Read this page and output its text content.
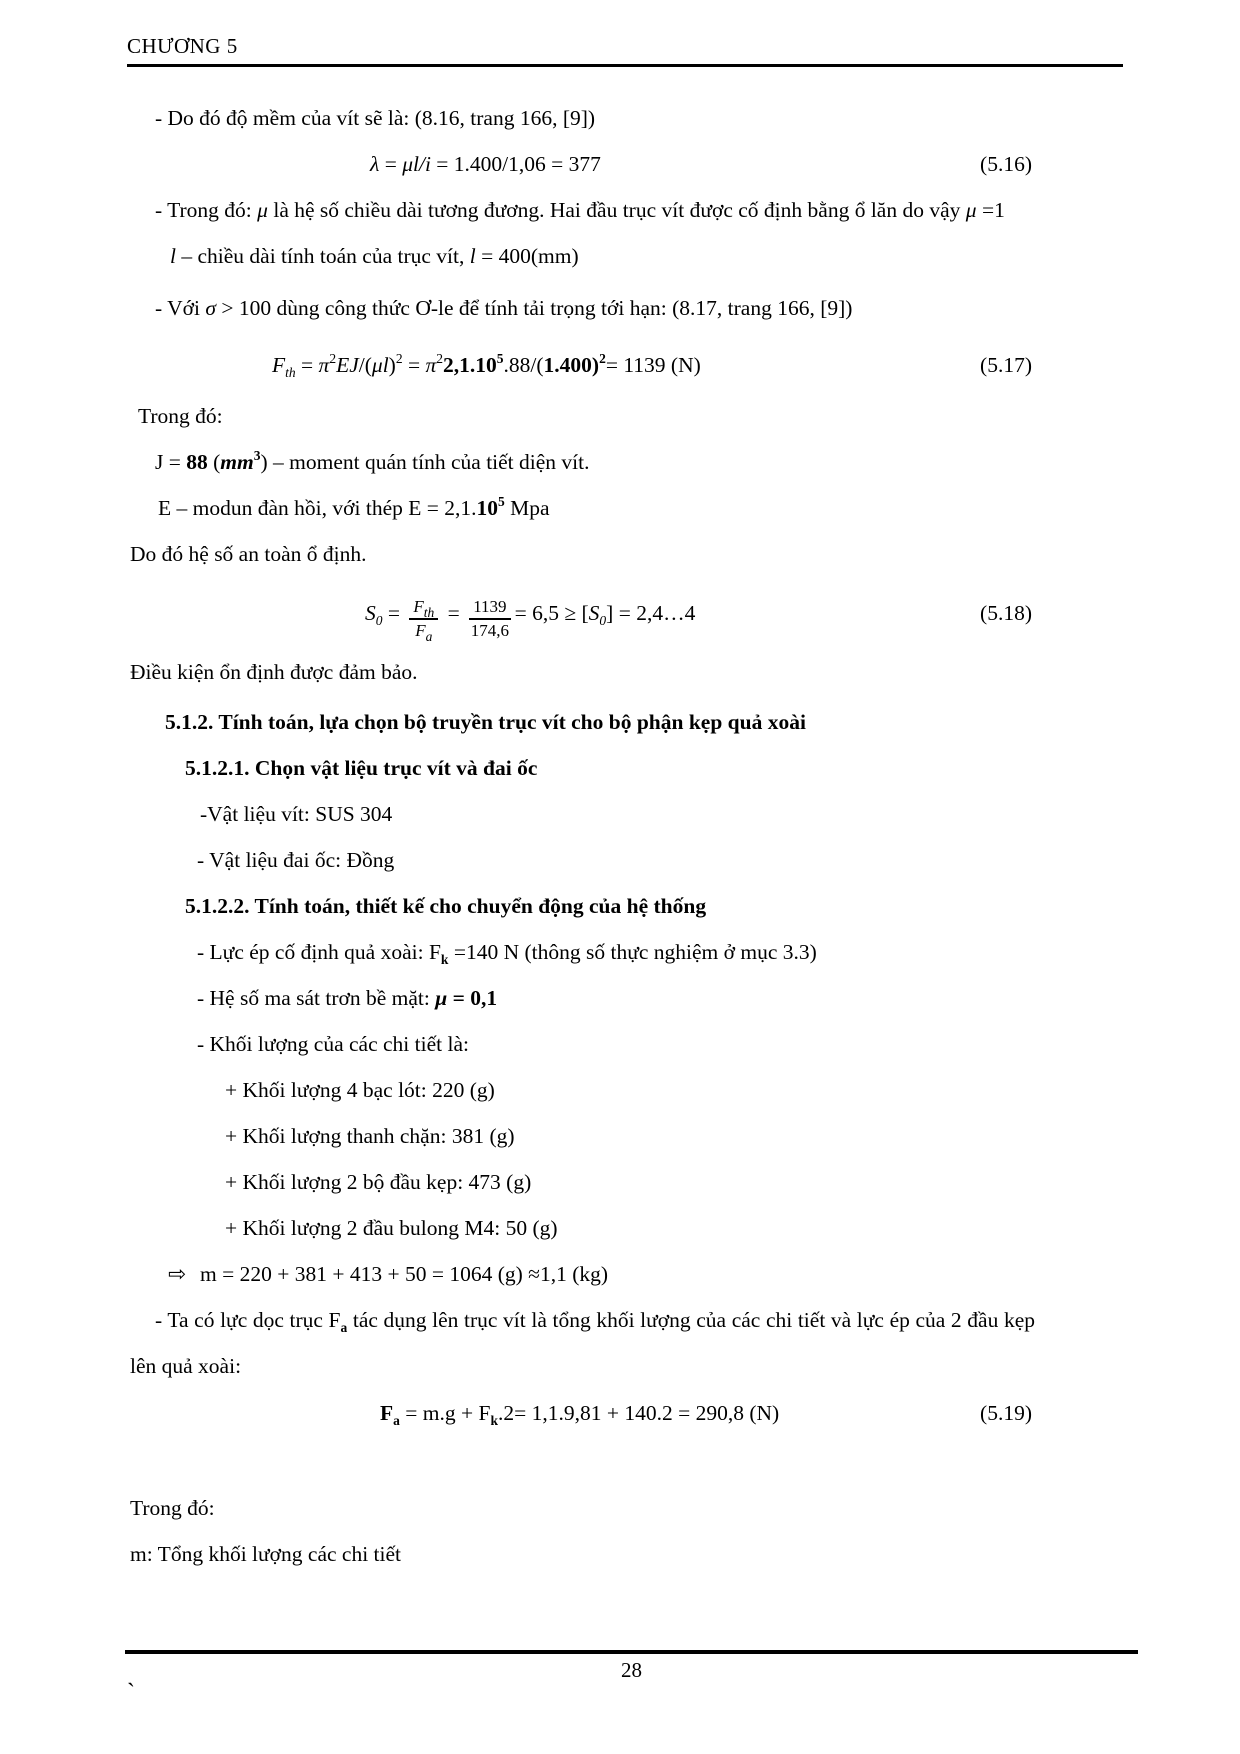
CHƯƠNG 5
- Do đó độ mềm của vít sẽ là: (8.16, trang 166, [9])
λ = μl/i = 1.400/1,06 = 377	(5.16)
- Trong đó: μ là hệ số chiều dài tương đương. Hai đầu trục vít được cố định bằng ổ lăn do vậy μ =1
l – chiều dài tính toán của trục vít, l = 400(mm)
- Với σ > 100 dùng công thức Ơ-le để tính tải trọng tới hạn: (8.17, trang 166, [9])
$F_{th} = \pi^2EJ/(\mu l)^2 = \pi^22,1.10^5.88/(1.400)^2= 1139$ (N)	(5.17)
Trong đó:
J = 88 $(mm^3)$ – moment quán tính của tiết diện vít.
E – modun đàn hồi, với thép $E = 2,1.10^5$ Mpa
Do đó hệ số an toàn ổ định.
$S_0 = \frac{F_{th}}{F_a} = \frac{1139}{174,6} = 6,5 \ge [S_0]$ = 2,4…4	(5.18)
Điều kiện ổn định được đảm bảo.
5.1.2. Tính toán, lựa chọn bộ truyền trục vít cho bộ phận kẹp quả xoài
5.1.2.1. Chọn vật liệu trục vít và đai ốc
-Vật liệu vít: SUS 304
- Vật liệu đai ốc: Đồng
5.1.2.2. Tính toán, thiết kế cho chuyển động của hệ thống
- Lực ép cố định quả xoài: $F_k =140$ N (thông số thực nghiệm ở mục 3.3)
- Hệ số ma sát trơn bề mặt: μ = 0,1
- Khối lượng của các chi tiết là:
+ Khối lượng 4 bạc lót: 220 (g)
+ Khối lượng thanh chặn: 381 (g)
+ Khối lượng 2 bộ đầu kẹp: 473 (g)
+ Khối lượng 2 đầu bulong M4: 50 (g)
⇨ m = 220 + 381 + 413 + 50 = 1064 (g) ≈1,1 (kg)
- Ta có lực dọc trục $F_a$ tác dụng lên trục vít là tổng khối lượng của các chi tiết và lực ép của 2 đầu kẹp lên quả xoài:
$F_a = m.g + F_k.2= 1,1.9,81 + 140.2 = 290,8$ (N)	(5.19)
Trong đó:
m: Tổng khối lượng các chi tiết
28
`
